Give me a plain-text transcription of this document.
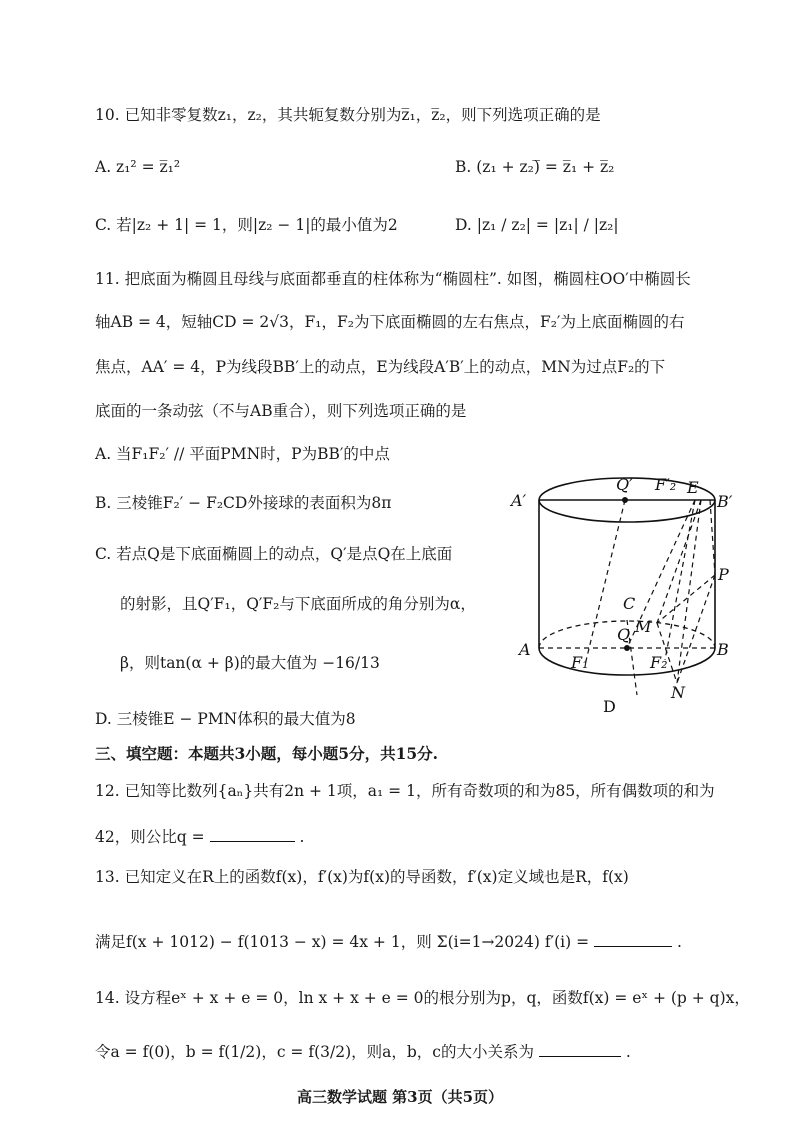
10. 已知非零复数z₁，z₂，其共轭复数分别为z̅₁，z̅₂，则下列选项正确的是
A. z₁² = z̅₁²	B. (z₁ + z₂)̅ = z̅₁ + z̅₂
C. 若|z₂ + 1| = 1，则|z₂ − 1|的最小值为2	D. |z₁ / z₂| = |z₁| / |z₂|
11. 把底面为椭圆且母线与底面都垂直的柱体称为“椭圆柱”. 如图，椭圆柱OO′中椭圆长
轴AB = 4，短轴CD = 2√3，F₁，F₂为下底面椭圆的左右焦点，F₂′为上底面椭圆的右
焦点，AA′ = 4，P为线段BB′上的动点，E为线段A′B′上的动点，MN为过点F₂的下
底面的一条动弦（不与AB重合），则下列选项正确的是
A. 当F₁F₂′ // 平面PMN时，P为BB′的中点
B. 三棱锥F₂′ − F₂CD外接球的表面积为8π
C. 若点Q是下底面椭圆上的动点，Q′是点Q在上底面
的射影，且Q′F₁，Q′F₂与下底面所成的角分别为α，
β，则tan(α + β)的最大值为 −16/13
D. 三棱锥E − PMN体积的最大值为8
A′	B′
Q′ F′₂ E
P
C
Q M
A	B
F₁	F₂
N
D
三、填空题：本题共3小题，每小题5分，共15分.
12. 已知等比数列{aₙ}共有2n + 1项，a₁ = 1，所有奇数项的和为85，所有偶数项的和为
42，则公比q =	.
13. 已知定义在R上的函数f(x)，f′(x)为f(x)的导函数，f′(x)定义域也是R，f(x)
满足f(x + 1012) − f(1013 − x) = 4x + 1，则 Σ(i=1→2024) f′(i) =	.
14. 设方程eˣ + x + e = 0，ln x + x + e = 0的根分别为p，q，函数f(x) = eˣ + (p + q)x，
令a = f(0)，b = f(1/2)，c = f(3/2)，则a，b，c的大小关系为	.
高三数学试题 第3页（共5页）
